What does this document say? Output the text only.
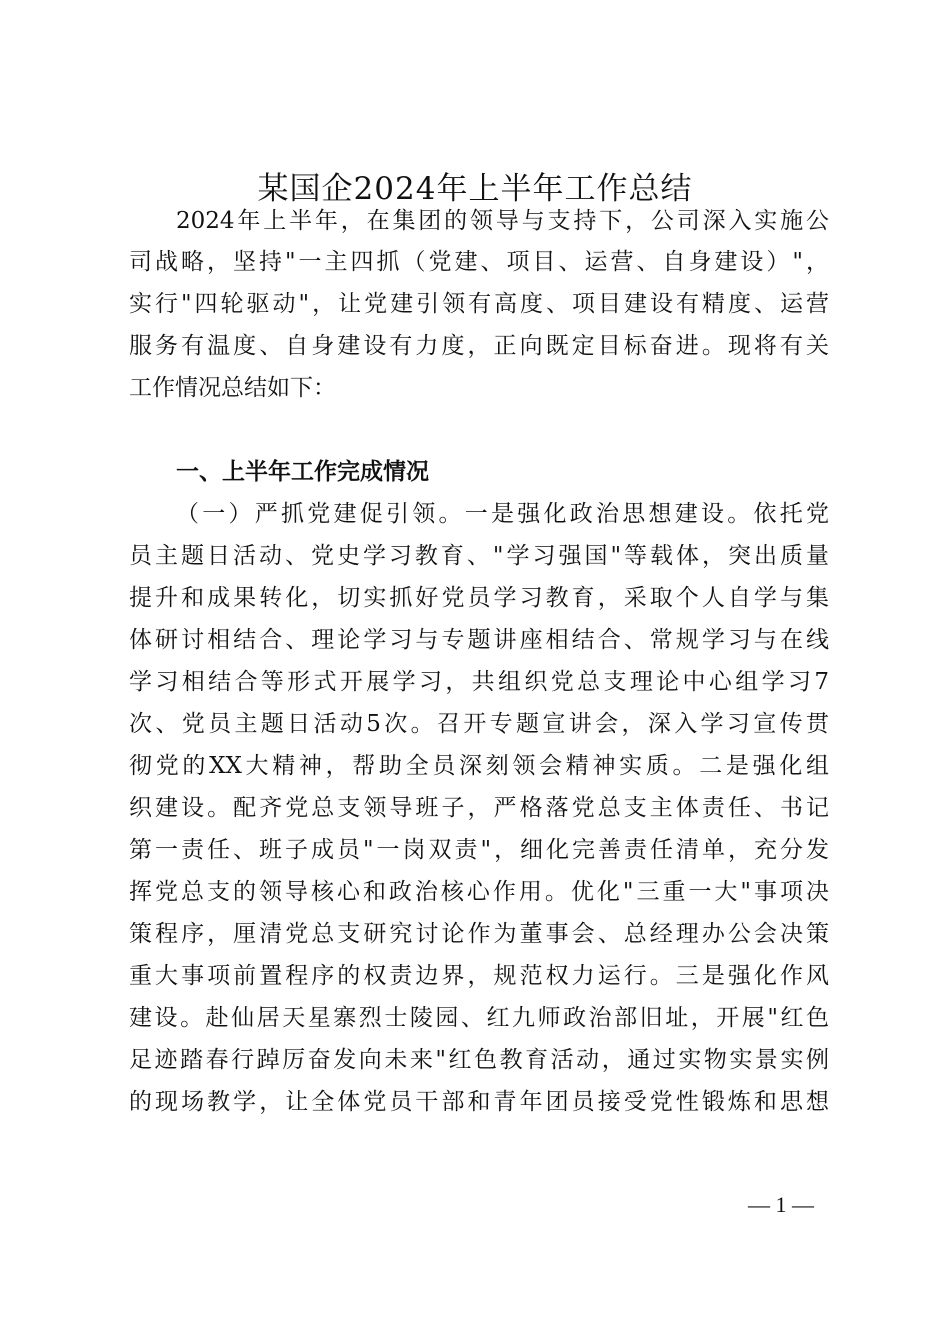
某国企2024年上半年工作总结
2024年上半年，在集团的领导与支持下，公司深入实施公
司战略，坚持"一主四抓（党建、项目、运营、自身建设）"，
实行"四轮驱动"，让党建引领有高度、项目建设有精度、运营
服务有温度、自身建设有力度，正向既定目标奋进。现将有关
工作情况总结如下：
一、上半年工作完成情况
（一）严抓党建促引领。一是强化政治思想建设。依托党
员主题日活动、党史学习教育、"学习强国"等载体，突出质量
提升和成果转化，切实抓好党员学习教育，采取个人自学与集
体研讨相结合、理论学习与专题讲座相结合、常规学习与在线
学习相结合等形式开展学习，共组织党总支理论中心组学习7
次、党员主题日活动5次。召开专题宣讲会，深入学习宣传贯
彻党的XX大精神，帮助全员深刻领会精神实质。二是强化组
织建设。配齐党总支领导班子，严格落党总支主体责任、书记
第一责任、班子成员"一岗双责"，细化完善责任清单，充分发
挥党总支的领导核心和政治核心作用。优化"三重一大"事项决
策程序，厘清党总支研究讨论作为董事会、总经理办公会决策
重大事项前置程序的权责边界，规范权力运行。三是强化作风
建设。赴仙居天星寨烈士陵园、红九师政治部旧址，开展"红色
足迹踏春行踔厉奋发向未来"红色教育活动，通过实物实景实例
的现场教学，让全体党员干部和青年团员接受党性锻炼和思想
— 1 —
